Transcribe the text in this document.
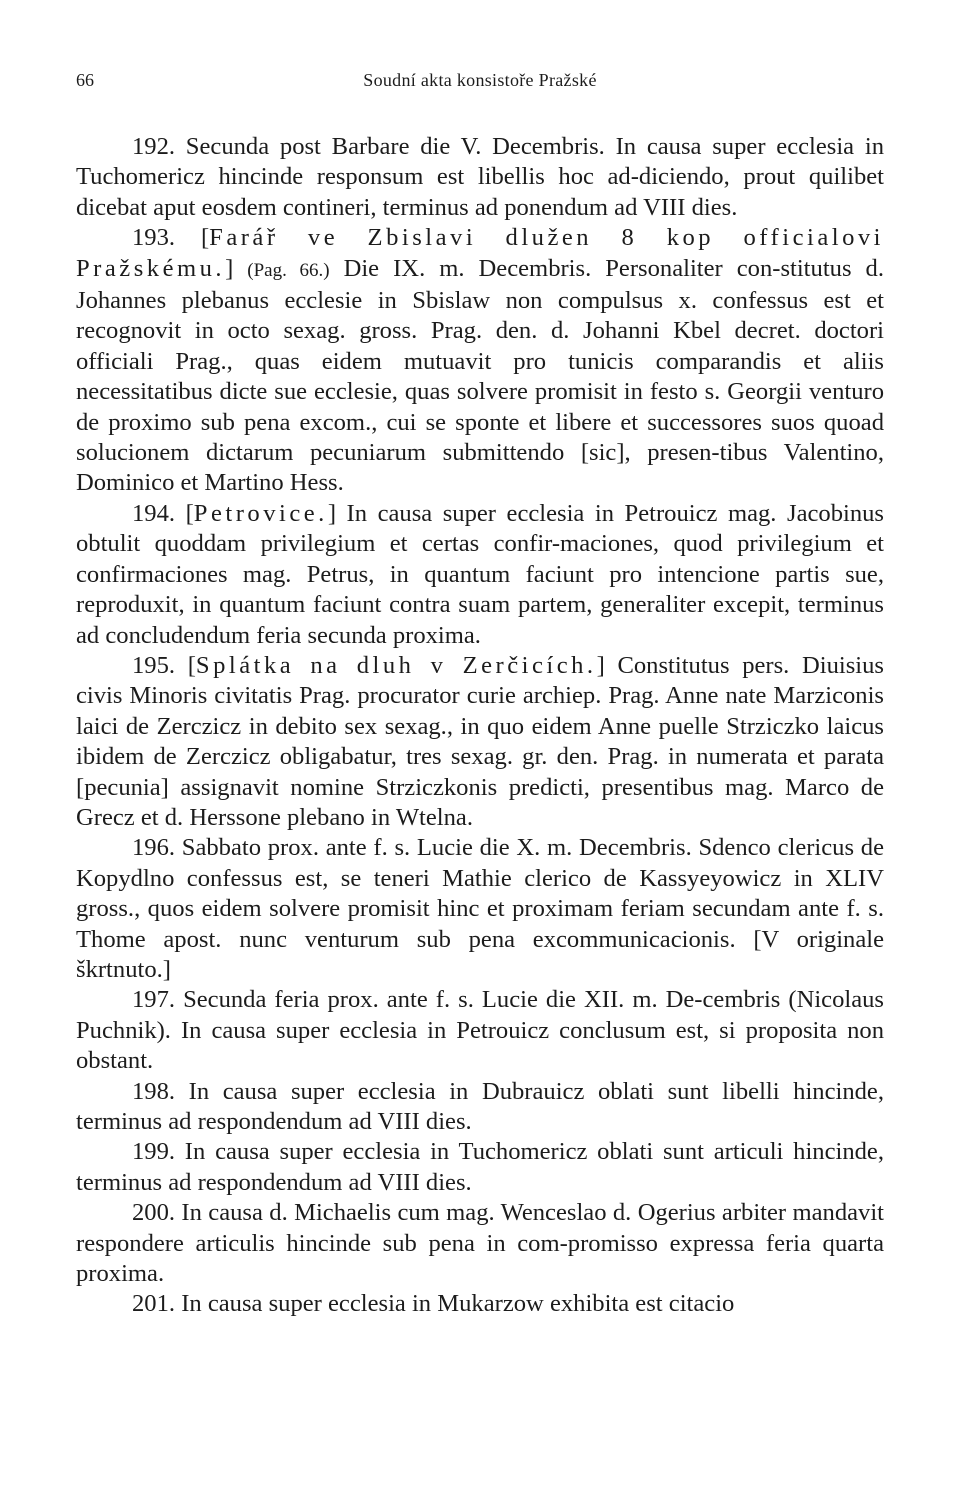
66	Soudní akta konsistoře Pražské

192. Secunda post Barbare die V. Decembris. In causa super ecclesia in Tuchomericz hincinde responsum est libellis hoc ad-diciendo, prout quilibet dicebat aput eosdem contineri, terminus ad ponendum ad VIII dies.

193. [Farář ve Zbislavi dlužen 8 kop officialovi Pražskému.] (Pag. 66.) Die IX. m. Decembris. Personaliter con-stitutus d. Johannes plebanus ecclesie in Sbislaw non compulsus x. confessus est et recognovit in octo sexag. gross. Prag. den. d. Johanni Kbel decret. doctori officiali Prag., quas eidem mutuavit pro tunicis comparandis et aliis necessitatibus dicte sue ecclesie, quas solvere promisit in festo s. Georgii venturo de proximo sub pena excom., cui se sponte et libere et successores suos quoad solucionem dictarum pecuniarum submittendo [sic], presen-tibus Valentino, Dominico et Martino Hess.

194. [Petrovice.] In causa super ecclesia in Petrouicz mag. Jacobinus obtulit quoddam privilegium et certas confir-maciones, quod privilegium et confirmaciones mag. Petrus, in quantum faciunt pro intencione partis sue, reproduxit, in quantum faciunt contra suam partem, generaliter excepit, terminus ad concludendum feria secunda proxima.

195. [Splátka na dluh v Zerčicích.] Constitutus pers. Diuisius civis Minoris civitatis Prag. procurator curie archiep. Prag. Anne nate Marziconis laici de Zerczicz in debito sex sexag., in quo eidem Anne puelle Strziczko laicus ibidem de Zerczicz obligabatur, tres sexag. gr. den. Prag. in numerata et parata [pecunia] assignavit nomine Strziczkonis predicti, presentibus mag. Marco de Grecz et d. Herssone plebano in Wtelna.

196. Sabbato prox. ante f. s. Lucie die X. m. Decembris. Sdenco clericus de Kopydlno confessus est, se teneri Mathie clerico de Kassyeyowicz in XLIV gross., quos eidem solvere promisit hinc et proximam feriam secundam ante f. s. Thome apost. nunc venturum sub pena excommunicacionis. [V originale škrtnuto.]

197. Secunda feria prox. ante f. s. Lucie die XII. m. De-cembris (Nicolaus Puchnik). In causa super ecclesia in Petrouicz conclusum est, si proposita non obstant.

198. In causa super ecclesia in Dubrauicz oblati sunt libelli hincinde, terminus ad respondendum ad VIII dies.

199. In causa super ecclesia in Tuchomericz oblati sunt articuli hincinde, terminus ad respondendum ad VIII dies.

200. In causa d. Michaelis cum mag. Wenceslao d. Ogerius arbiter mandavit respondere articulis hincinde sub pena in com-promisso expressa feria quarta proxima.

201. In causa super ecclesia in Mukarzow exhibita est citacio
